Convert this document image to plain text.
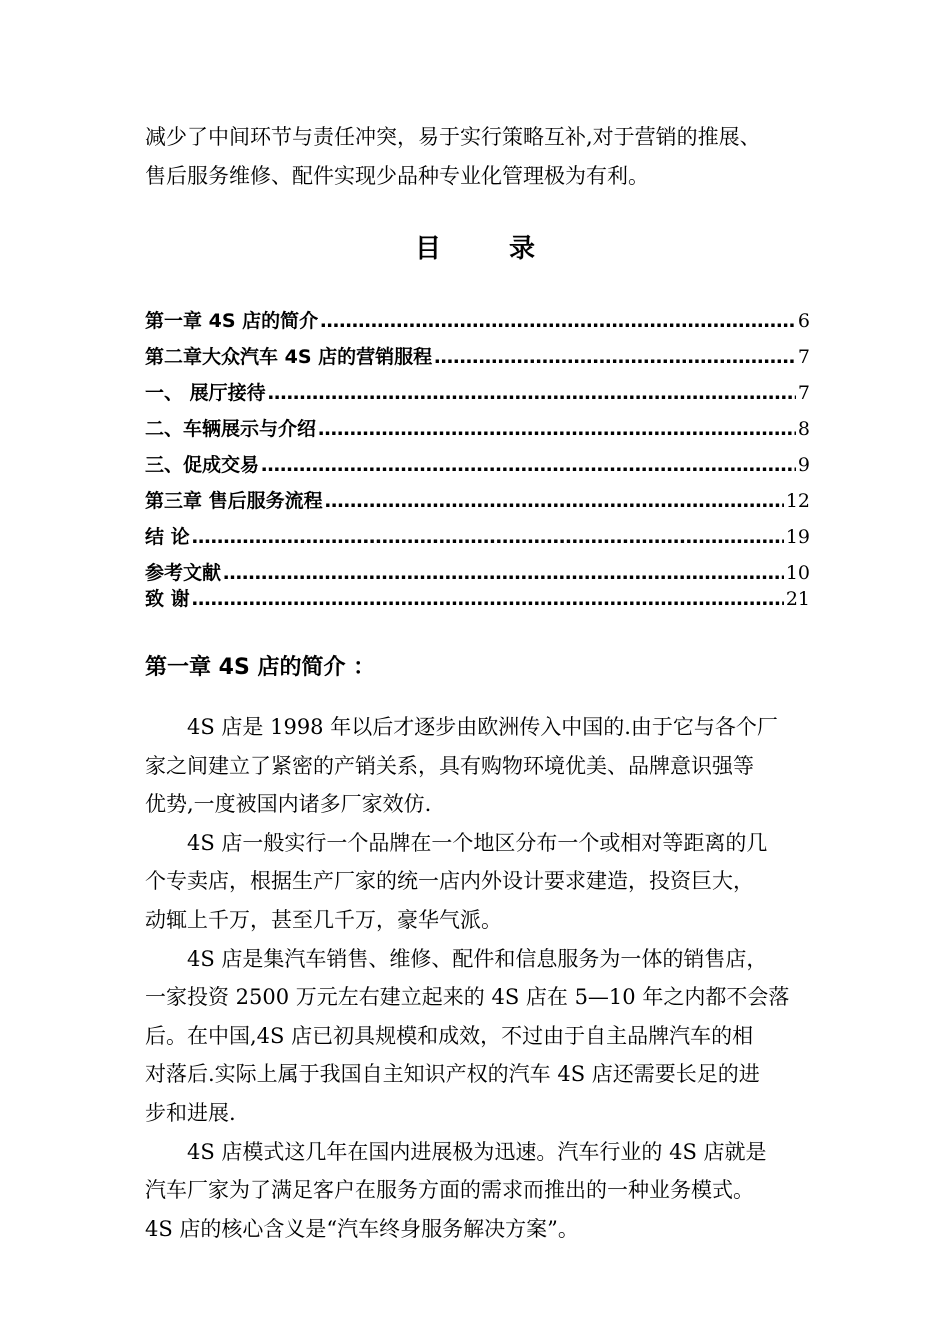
减少了中间环节与责任冲突，易于实行策略互补,对于营销的推展、
售后服务维修、配件实现少品种专业化管理极为有利。
目	录
第一章 4S 店的简介 ……………………………………………………………………………………………………………………………………………………………………	6
第二章大众汽车 4S 店的营销服程 ……………………………………………………………………………………………………………………………………………………………………	7
一、 展厅接待 ……………………………………………………………………………………………………………………………………………………………………	7
二、车辆展示与介绍 ……………………………………………………………………………………………………………………………………………………………………	8
三、促成交易 ……………………………………………………………………………………………………………………………………………………………………	9
第三章 售后服务流程 ……………………………………………………………………………………………………………………………………………………………………	12
结 论 ……………………………………………………………………………………………………………………………………………………………………	19
参考文献 ……………………………………………………………………………………………………………………………………………………………………	10
致 谢 ……………………………………………………………………………………………………………………………………………………………………	21
第一章 4S 店的简介 ：
4S 店是 1998 年以后才逐步由欧洲传入中国的.由于它与各个厂
家之间建立了紧密的产销关系，具有购物环境优美、品牌意识强等
优势,一度被国内诸多厂家效仿.
4S 店一般实行一个品牌在一个地区分布一个或相对等距离的几
个专卖店，根据生产厂家的统一店内外设计要求建造，投资巨大，
动辄上千万，甚至几千万，豪华气派。
4S 店是集汽车销售、维修、配件和信息服务为一体的销售店，
一家投资 2500 万元左右建立起来的 4S 店在 5—10 年之内都不会落
后。在中国,4S 店已初具规模和成效，不过由于自主品牌汽车的相
对落后.实际上属于我国自主知识产权的汽车 4S 店还需要长足的进
步和进展.
4S 店模式这几年在国内进展极为迅速。汽车行业的 4S 店就是
汽车厂家为了满足客户在服务方面的需求而推出的一种业务模式。
4S 店的核心含义是“汽车终身服务解决方案”。
